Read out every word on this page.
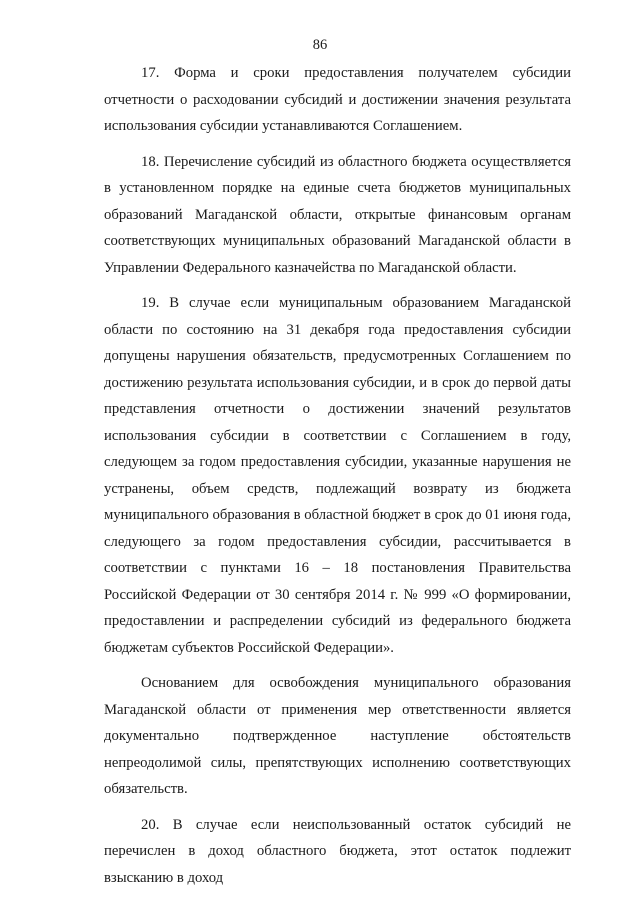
86

17. Форма и сроки предоставления получателем субсидии отчетности о расходовании субсидий и достижении значения результата использования субсидии устанавливаются Соглашением.

18. Перечисление субсидий из областного бюджета осуществляется в установленном порядке на единые счета бюджетов муниципальных образований Магаданской области, открытые финансовым органам соответствующих муниципальных образований Магаданской области в Управлении Федерального казначейства по Магаданской области.

19. В случае если муниципальным образованием Магаданской области по состоянию на 31 декабря года предоставления субсидии допущены нарушения обязательств, предусмотренных Соглашением по достижению результата использования субсидии, и в срок до первой даты представления отчетности о достижении значений результатов использования субсидии в соответствии с Соглашением в году, следующем за годом предоставления субсидии, указанные нарушения не устранены, объем средств, подлежащий возврату из бюджета муниципального образования в областной бюджет в срок до 01 июня года, следующего за годом предоставления субсидии, рассчитывается в соответствии с пунктами 16 – 18 постановления Правительства Российской Федерации от 30 сентября 2014 г. № 999 «О формировании, предоставлении и распределении субсидий из федерального бюджета бюджетам субъектов Российской Федерации».

Основанием для освобождения муниципального образования Магаданской области от применения мер ответственности является документально подтвержденное наступление обстоятельств непреодолимой силы, препятствующих исполнению соответствующих обязательств.

20. В случае если неиспользованный остаток субсидий не перечислен в доход областного бюджета, этот остаток подлежит взысканию в доход
